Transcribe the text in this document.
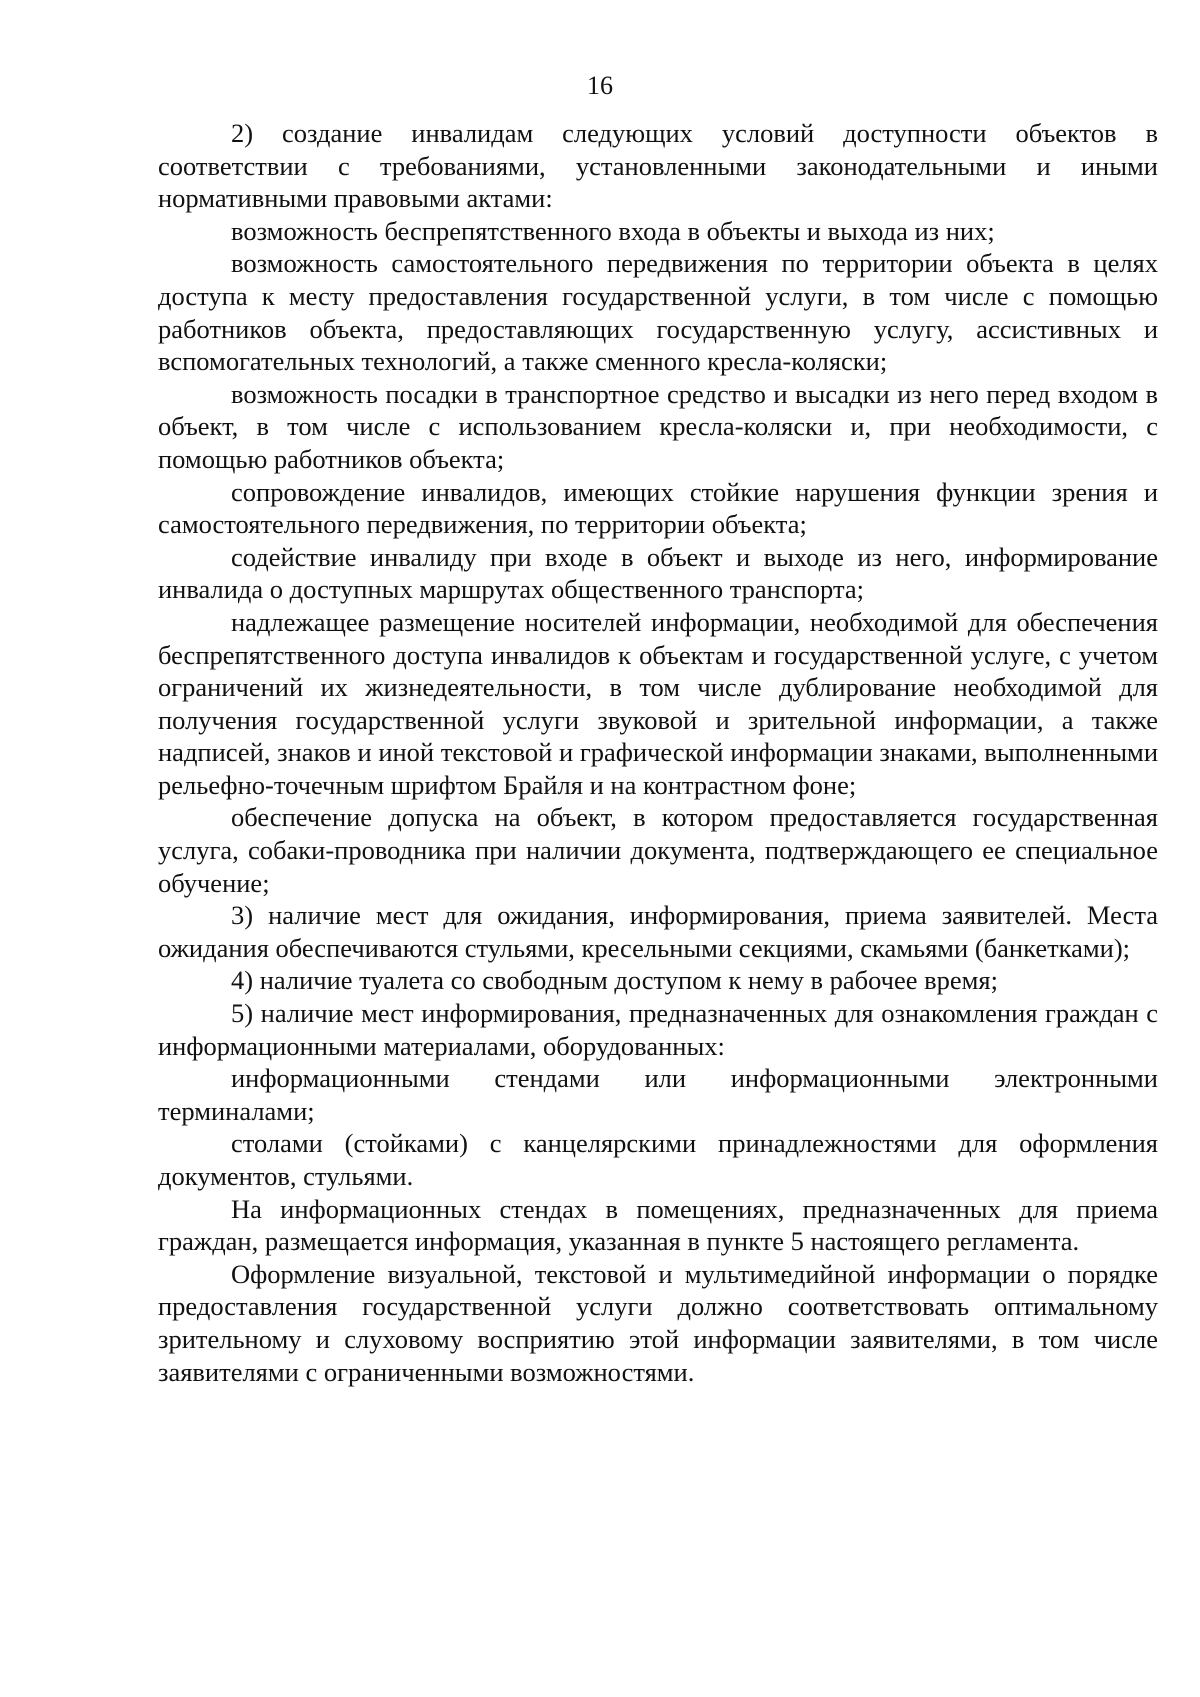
16

2) создание инвалидам следующих условий доступности объектов в соответствии с требованиями, установленными законодательными и иными нормативными правовыми актами:

возможность беспрепятственного входа в объекты и выхода из них;

возможность самостоятельного передвижения по территории объекта в целях доступа к месту предоставления государственной услуги, в том числе с помощью работников объекта, предоставляющих государственную услугу, ассистивных и вспомогательных технологий, а также сменного кресла-коляски;

возможность посадки в транспортное средство и высадки из него перед входом в объект, в том числе с использованием кресла-коляски и, при необходимости, с помощью работников объекта;

сопровождение инвалидов, имеющих стойкие нарушения функции зрения и самостоятельного передвижения, по территории объекта;

содействие инвалиду при входе в объект и выходе из него, информирование инвалида о доступных маршрутах общественного транспорта;

надлежащее размещение носителей информации, необходимой для обеспечения беспрепятственного доступа инвалидов к объектам и государственной услуге, с учетом ограничений их жизнедеятельности, в том числе дублирование необходимой для получения государственной услуги звуковой и зрительной информации, а также надписей, знаков и иной текстовой и графической информации знаками, выполненными рельефно-точечным шрифтом Брайля и на контрастном фоне;

обеспечение допуска на объект, в котором предоставляется государственная услуга, собаки-проводника при наличии документа, подтверждающего ее специальное обучение;

3) наличие мест для ожидания, информирования, приема заявителей. Места ожидания обеспечиваются стульями, кресельными секциями, скамьями (банкетками);

4) наличие туалета со свободным доступом к нему в рабочее время;

5) наличие мест информирования, предназначенных для ознакомления граждан с информационными материалами, оборудованных:

информационными стендами или информационными электронными терминалами;

столами (стойками) с канцелярскими принадлежностями для оформления документов, стульями.

На информационных стендах в помещениях, предназначенных для приема граждан, размещается информация, указанная в пункте 5 настоящего регламента.

Оформление визуальной, текстовой и мультимедийной информации о порядке предоставления государственной услуги должно соответствовать оптимальному зрительному и слуховому восприятию этой информации заявителями, в том числе заявителями с ограниченными возможностями.
